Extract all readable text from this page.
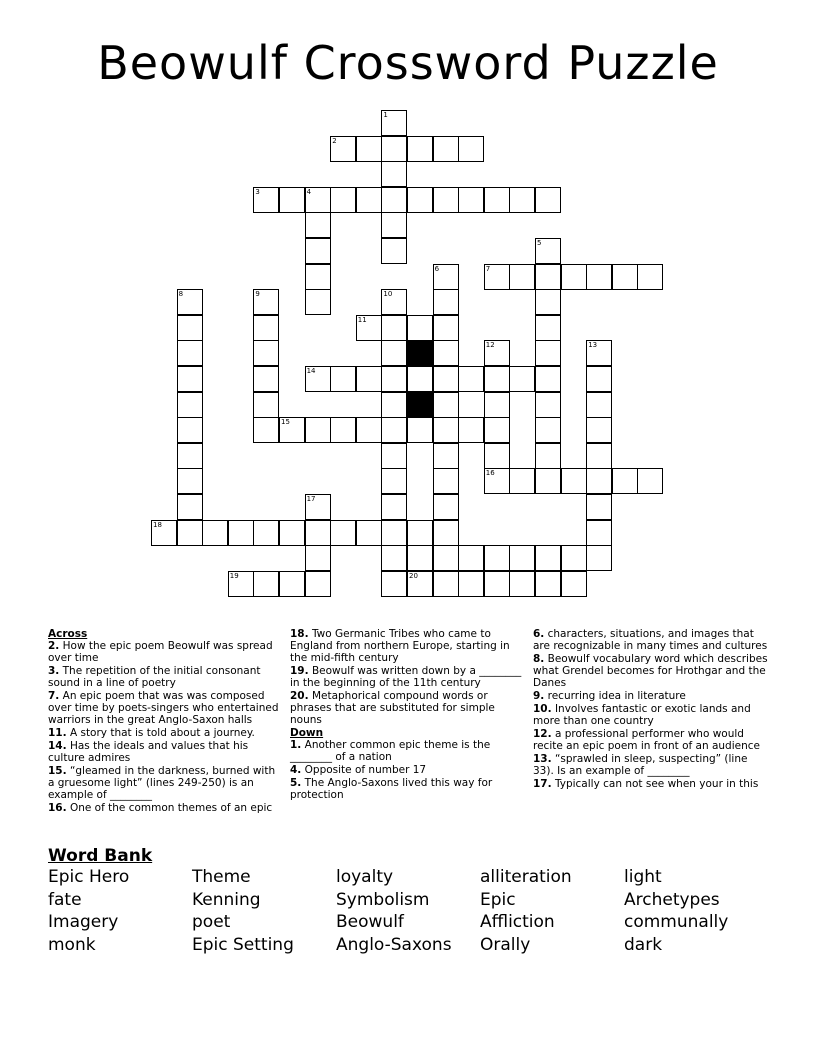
Beowulf Crossword Puzzle
1
2
3	4
5
6	7
8	9	10
11
12	13
14
15
16
17
18
19	20
Across
2. How the epic poem Beowulf was spread over time
3. The repetition of the initial consonant sound in a line of poetry
7. An epic poem that was was composed over time by poets-singers who entertained warriors in the great Anglo-Saxon halls
11. A story that is told about a journey.
14. Has the ideals and values that his culture admires
15. “gleamed in the darkness, burned with a gruesome light” (lines 249-250) is an example of ________
16. One of the common themes of an epic
18. Two Germanic Tribes who came to England from northern Europe, starting in the mid-fifth century
19. Beowulf was written down by a ________ in the beginning of the 11th century
20. Metaphorical compound words or phrases that are substituted for simple nouns
Down
1. Another common epic theme is the ________ of a nation
4. Opposite of number 17
5. The Anglo-Saxons lived this way for protection
6. characters, situations, and images that are recognizable in many times and cultures
8. Beowulf vocabulary word which describes what Grendel becomes for Hrothgar and the Danes
9. recurring idea in literature
10. Involves fantastic or exotic lands and more than one country
12. a professional performer who would recite an epic poem in front of an audience
13. “sprawled in sleep, suspecting” (line 33). Is an example of ________
17. Typically can not see when your in this
Word Bank
Epic Hero
fate
Imagery
monk
Theme
Kenning
poet
Epic Setting
loyalty
Symbolism
Beowulf
Anglo-Saxons
alliteration
Epic
Affliction
Orally
light
Archetypes
communally
dark
